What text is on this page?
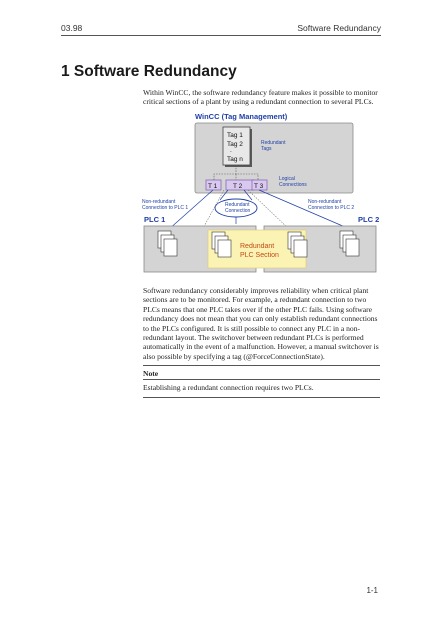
03.98	Software Redundancy
1 Software Redundancy
Within WinCC, the software redundancy feature makes it possible to monitor critical sections of a plant by using a redundant connection to several PLCs.
WinCC (Tag Management)
Tag 1
Tag 2
.
Tag n
Redundant
Tags
Logical
Connections
T 1 T 2 T 3
Non-redundant
Connection to PLC 1
Non-redundant
Connection to PLC 2
Redundant
Connection
PLC 1	PLC 2
Redundant
PLC Section
Software redundancy considerably improves reliability when critical plant sections are to be monitored. For example, a redundant connection to two PLCs means that one PLC takes over if the other PLC fails. Using software redundancy does not mean that you can only establish redundant connections to the PLCs configured. It is still possible to connect any PLC in a non-redundant layout. The switchover between redundant PLCs is performed automatically in the event of a malfunction. However, a manual switchover is also possible by specifying a tag (@ForceConnectionState).
Note
Establishing a redundant connection requires two PLCs.
1-1
